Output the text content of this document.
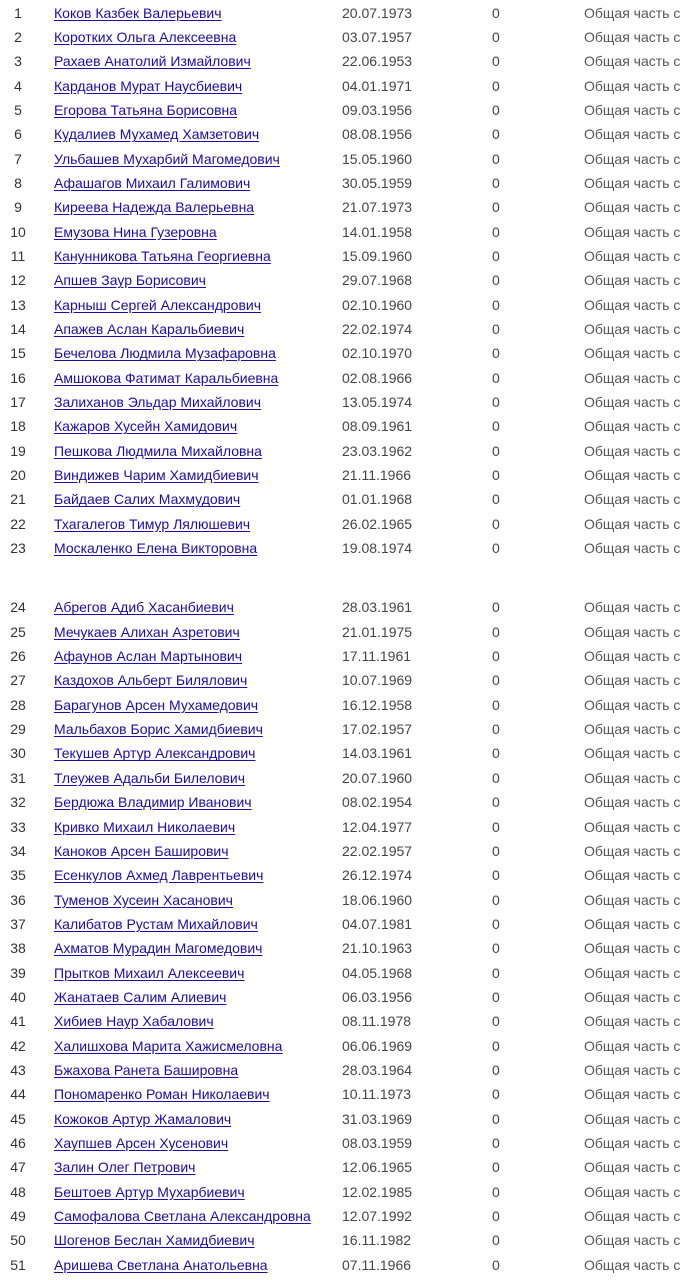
1	Коков Казбек Валерьевич	20.07.1973	0	Общая часть с
2	Коротких Ольга Алексеевна	03.07.1957	0	Общая часть с
3	Рахаев Анатолий Измайлович	22.06.1953	0	Общая часть с
4	Карданов Мурат Наусбиевич	04.01.1971	0	Общая часть с
5	Егорова Татьяна Борисовна	09.03.1956	0	Общая часть с
6	Кудалиев Мухамед Хамзетович	08.08.1956	0	Общая часть с
7	Ульбашев Мухарбий Магомедович	15.05.1960	0	Общая часть с
8	Афашагов Михаил Галимович	30.05.1959	0	Общая часть с
9	Киреева Надежда Валерьевна	21.07.1973	0	Общая часть с
10	Емузова Нина Гузеровна	14.01.1958	0	Общая часть с
11	Канунникова Татьяна Георгиевна	15.09.1960	0	Общая часть с
12	Апшев Заур Борисович	29.07.1968	0	Общая часть с
13	Карныш Сергей Александрович	02.10.1960	0	Общая часть с
14	Апажев Аслан Каральбиевич	22.02.1974	0	Общая часть с
15	Бечелова Людмила Музафаровна	02.10.1970	0	Общая часть с
16	Амшокова Фатимат Каральбиевна	02.08.1966	0	Общая часть с
17	Залиханов Эльдар Михайлович	13.05.1974	0	Общая часть с
18	Кажаров Хусейн Хамидович	08.09.1961	0	Общая часть с
19	Пешкова Людмила Михайловна	23.03.1962	0	Общая часть с
20	Виндижев Чарим Хамидбиевич	21.11.1966	0	Общая часть с
21	Байдаев Салих Махмудович	01.01.1968	0	Общая часть с
22	Тхагалегов Тимур Лялюшевич	26.02.1965	0	Общая часть с
23	Москаленко Елена Викторовна	19.08.1974	0	Общая часть с
24	Абрегов Адиб Хасанбиевич	28.03.1961	0	Общая часть с
25	Мечукаев Алихан Азретович	21.01.1975	0	Общая часть с
26	Афаунов Аслан Мартынович	17.11.1961	0	Общая часть с
27	Каздохов Альберт Билялович	10.07.1969	0	Общая часть с
28	Барагунов Арсен Мухамедович	16.12.1958	0	Общая часть с
29	Мальбахов Борис Хамидбиевич	17.02.1957	0	Общая часть с
30	Текушев Артур Александрович	14.03.1961	0	Общая часть с
31	Тлеужев Адальби Билелович	20.07.1960	0	Общая часть с
32	Бердюжа Владимир Иванович	08.02.1954	0	Общая часть с
33	Кривко Михаил Николаевич	12.04.1977	0	Общая часть с
34	Каноков Арсен Баширович	22.02.1957	0	Общая часть с
35	Есенкулов Ахмед Лаврентьевич	26.12.1974	0	Общая часть с
36	Туменов Хусеин Хасанович	18.06.1960	0	Общая часть с
37	Калибатов Рустам Михайлович	04.07.1981	0	Общая часть с
38	Ахматов Мурадин Магомедович	21.10.1963	0	Общая часть с
39	Прытков Михаил Алексеевич	04.05.1968	0	Общая часть с
40	Жанатаев Салим Алиевич	06.03.1956	0	Общая часть с
41	Хибиев Наур Хабалович	08.11.1978	0	Общая часть с
42	Халишхова Марита Хажисмеловна	06.06.1969	0	Общая часть с
43	Бжахова Ранета Башировна	28.03.1964	0	Общая часть с
44	Пономаренко Роман Николаевич	10.11.1973	0	Общая часть с
45	Кожоков Артур Жамалович	31.03.1969	0	Общая часть с
46	Хаупшев Арсен Хусенович	08.03.1959	0	Общая часть с
47	Залин Олег Петрович	12.06.1965	0	Общая часть с
48	Бештоев Артур Мухарбиевич	12.02.1985	0	Общая часть с
49	Самофалова Светлана Александровна 12.07.1992	0	Общая часть с
50	Шогенов Беслан Хамидбиевич	16.11.1982	0	Общая часть с
51	Аришева Светлана Анатольевна	07.11.1966	0	Общая часть с
